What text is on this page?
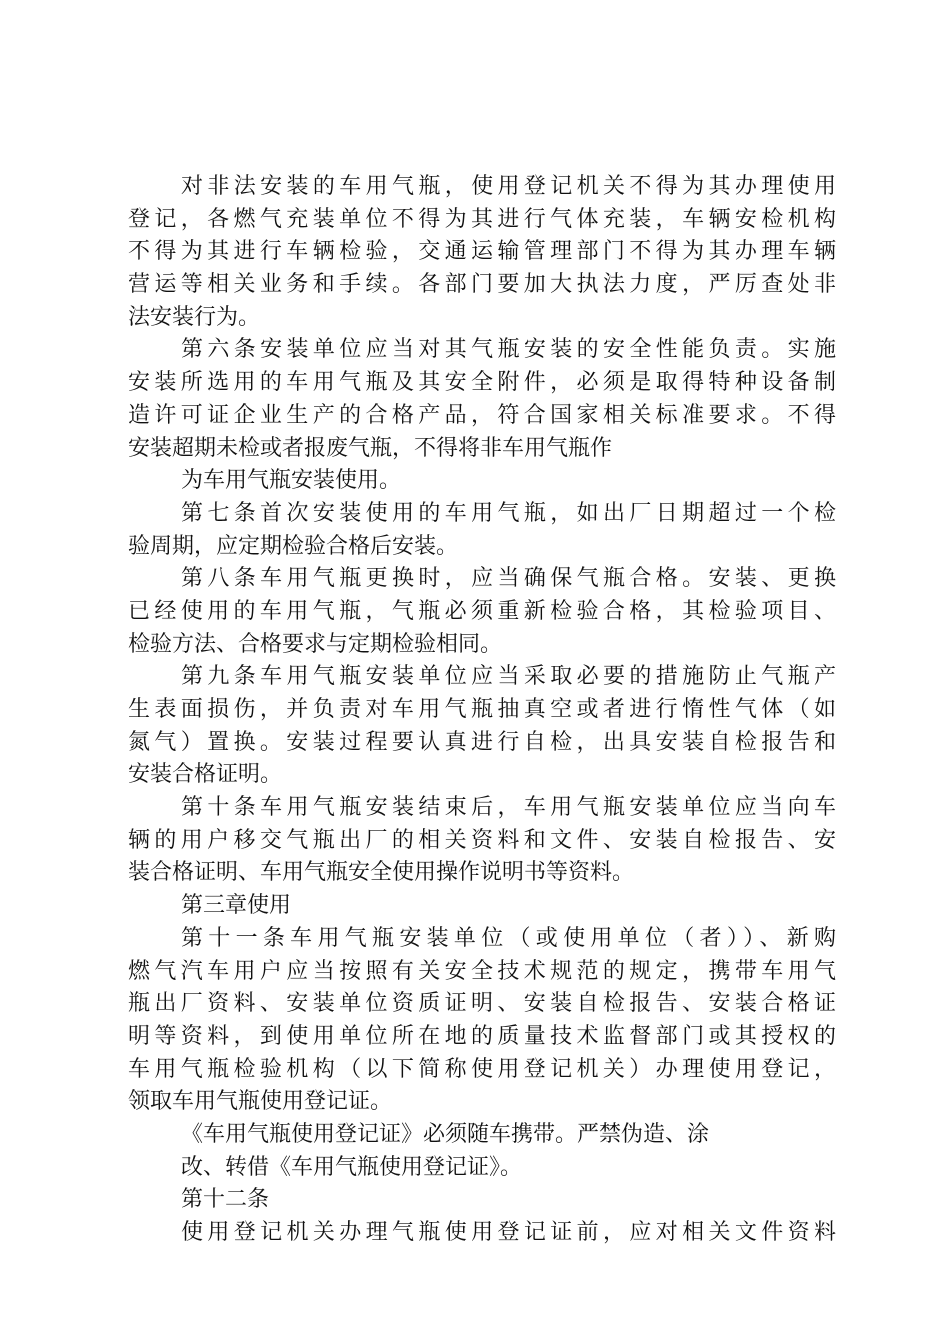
对非法安装的车用气瓶，使用登记机关不得为其办理使用
登记，各燃气充装单位不得为其进行气体充装，车辆安检机构
不得为其进行车辆检验，交通运输管理部门不得为其办理车辆
营运等相关业务和手续。各部门要加大执法力度，严厉查处非
法安装行为。
第六条安装单位应当对其气瓶安装的安全性能负责。实施
安装所选用的车用气瓶及其安全附件，必须是取得特种设备制
造许可证企业生产的合格产品，符合国家相关标准要求。不得
安装超期未检或者报废气瓶，不得将非车用气瓶作
为车用气瓶安装使用。
第七条首次安装使用的车用气瓶，如出厂日期超过一个检
验周期，应定期检验合格后安装。
第八条车用气瓶更换时，应当确保气瓶合格。安装、更换
已经使用的车用气瓶，气瓶必须重新检验合格，其检验项目、
检验方法、合格要求与定期检验相同。
第九条车用气瓶安装单位应当采取必要的措施防止气瓶产
生表面损伤，并负责对车用气瓶抽真空或者进行惰性气体（如
氮气）置换。安装过程要认真进行自检，出具安装自检报告和
安装合格证明。
第十条车用气瓶安装结束后，车用气瓶安装单位应当向车
辆的用户移交气瓶出厂的相关资料和文件、安装自检报告、安
装合格证明、车用气瓶安全使用操作说明书等资料。
第三章使用
第十一条车用气瓶安装单位（或使用单位（者））、新购
燃气汽车用户应当按照有关安全技术规范的规定，携带车用气
瓶出厂资料、安装单位资质证明、安装自检报告、安装合格证
明等资料，到使用单位所在地的质量技术监督部门或其授权的
车用气瓶检验机构（以下简称使用登记机关）办理使用登记，
领取车用气瓶使用登记证。
《车用气瓶使用登记证》必须随车携带。严禁伪造、涂
改、转借《车用气瓶使用登记证》。
第十二条
使用登记机关办理气瓶使用登记证前，应对相关文件资料
